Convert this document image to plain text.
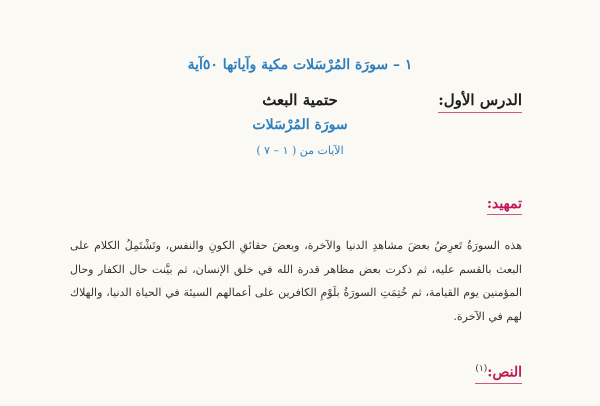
١ – سورَة المُرْسَلات مكية وآياتها ٥٠آية
الدرس الأول:
حتمية البعث
سورَة المُرْسَلات
الآيات من ( ١ – ٧ )
تمهيد:
هذه السورَةُ تَعرِضُ بعضَ مشاهدِ الدنيا والآخرة، وبعضَ حقائقِ الكونِ والنفس، وتَشْتَمِلُ الكلام على البعث بالقسم عليه، ثم ذكرت بعض مظاهر قدرة الله في خلق الإنسان، ثم بيَّنت حال الكفار وحال المؤمنين يوم القيامة، ثم خُتِمَتِ السورَةُ بلَوْمِ الكافرين على أعمالهم السيئة في الحياة الدنيا، والهلاك لهم في الآخرة.
النص:$^{(١)}$
